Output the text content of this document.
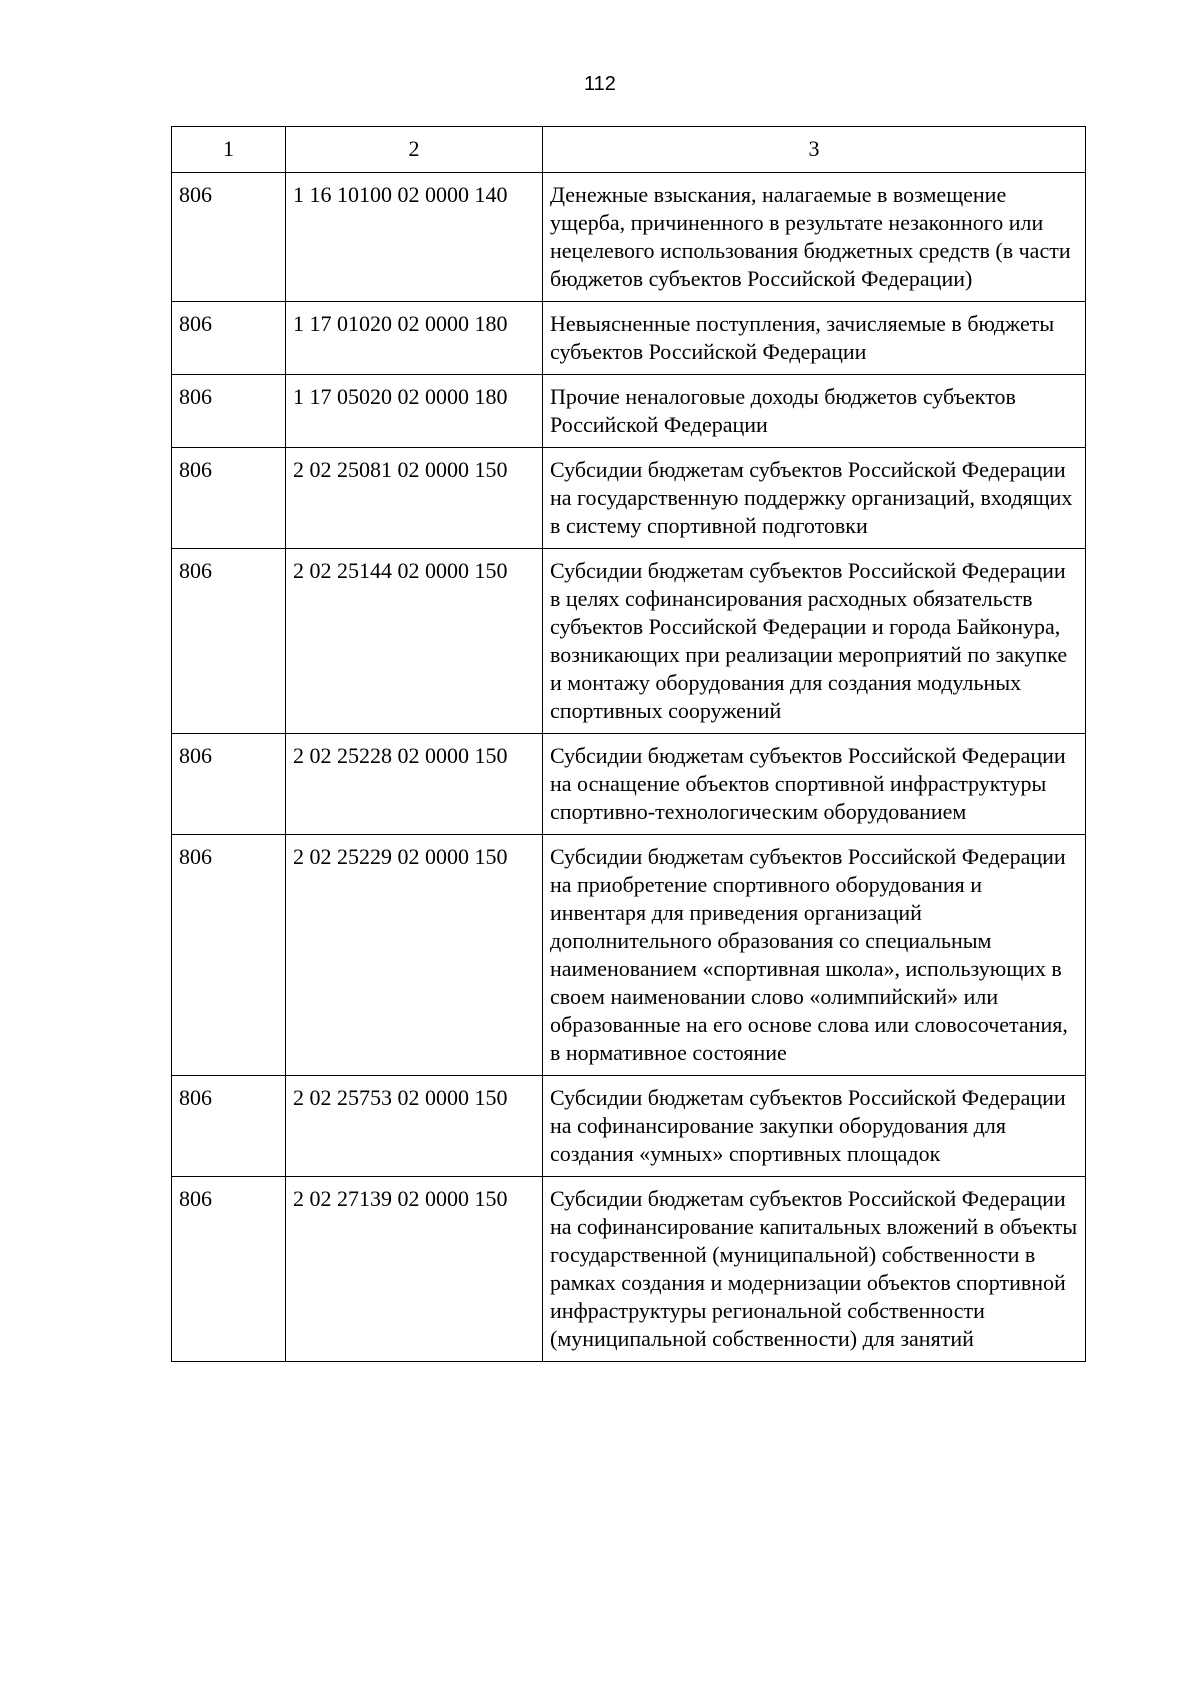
112
1	2	3
806	1 16 10100 02 0000 140	Денежные взыскания, налагаемые в возмещение ущерба, причиненного в результате незаконного или нецелевого использования бюджетных средств (в части бюджетов субъектов Российской Федерации)
806	1 17 01020 02 0000 180	Невыясненные поступления, зачисляемые в бюджеты субъектов Российской Федерации
806	1 17 05020 02 0000 180	Прочие неналоговые доходы бюджетов субъектов Российской Федерации
806	2 02 25081 02 0000 150	Субсидии бюджетам субъектов Российской Федерации на государственную поддержку организаций, входящих в систему спортивной подготовки
806	2 02 25144 02 0000 150	Субсидии бюджетам субъектов Российской Федерации в целях софинансирования расходных обязательств субъектов Российской Федерации и города Байконура, возникающих при реализации мероприятий по закупке и монтажу оборудования для создания модульных спортивных сооружений
806	2 02 25228 02 0000 150	Субсидии бюджетам субъектов Российской Федерации на оснащение объектов спортивной инфраструктуры спортивно-технологическим оборудованием
806	2 02 25229 02 0000 150	Субсидии бюджетам субъектов Российской Федерации на приобретение спортивного оборудования и инвентаря для приведения организаций дополнительного образования со специальным наименованием «спортивная школа», использующих в своем наименовании слово «олимпийский» или образованные на его основе слова или словосочетания, в нормативное состояние
806	2 02 25753 02 0000 150	Субсидии бюджетам субъектов Российской Федерации на софинансирование закупки оборудования для создания «умных» спортивных площадок
806	2 02 27139 02 0000 150	Субсидии бюджетам субъектов Российской Федерации на софинансирование капитальных вложений в объекты государственной (муниципальной) собственности в рамках создания и модернизации объектов спортивной инфраструктуры региональной собственности (муниципальной собственности) для занятий
